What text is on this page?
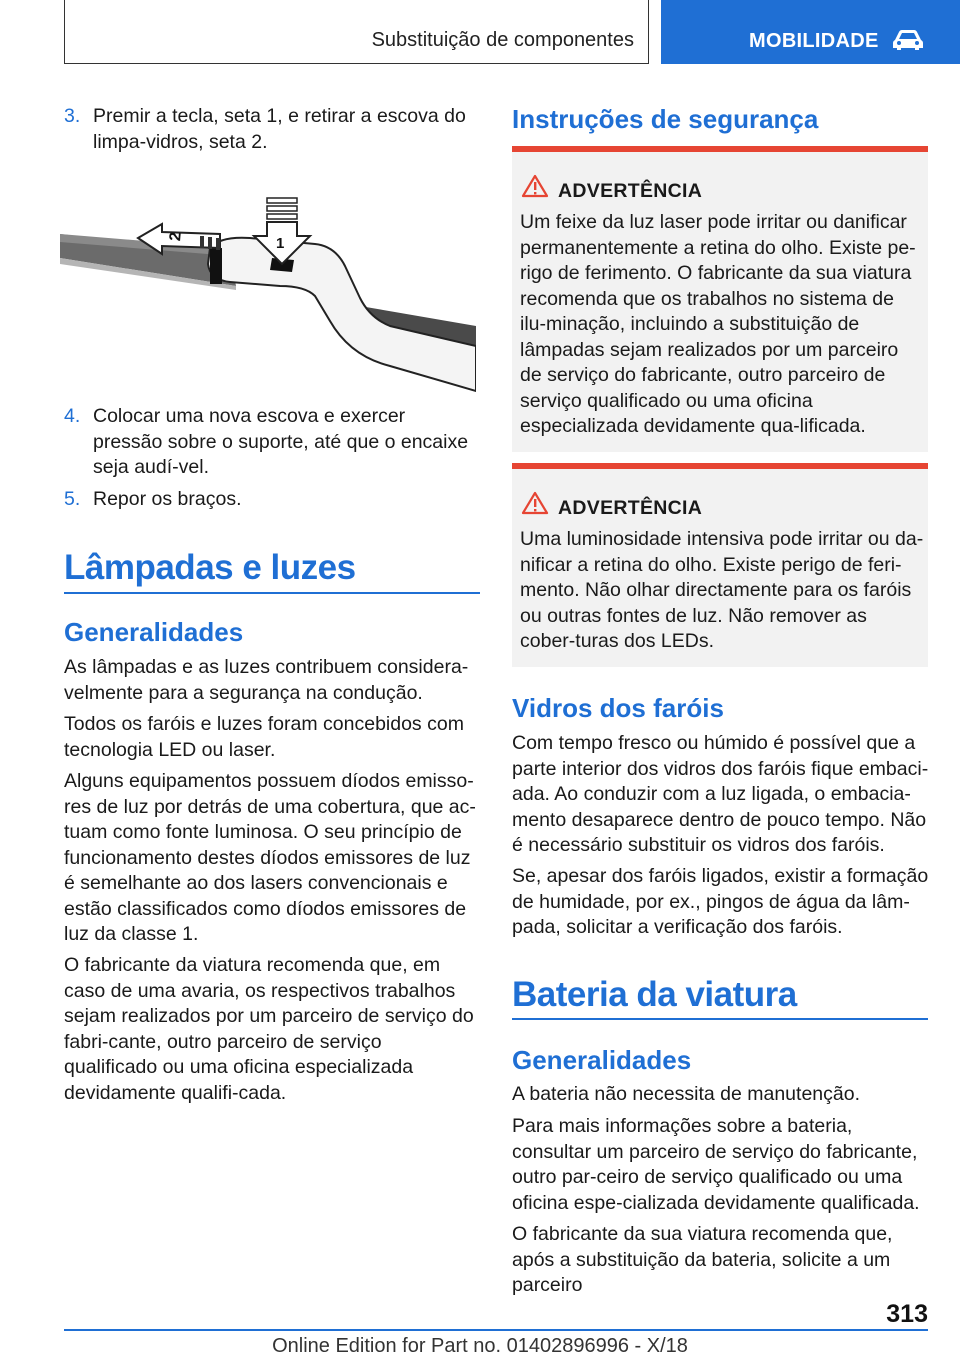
Substituição de componentes	MOBILIDADE
3. Premir a tecla, seta 1, e retirar a escova do limpa-vidros, seta 2.
2	1
4. Colocar uma nova escova e exercer pressão sobre o suporte, até que o encaixe seja audí-vel.
5. Repor os braços.
Lâmpadas e luzes
Generalidades

As lâmpadas e as luzes contribuem considera-velmente para a segurança na condução.

Todos os faróis e luzes foram concebidos com tecnologia LED ou laser.

Alguns equipamentos possuem díodos emisso-res de luz por detrás de uma cobertura, que ac-tuam como fonte luminosa. O seu princípio de funcionamento destes díodos emissores de luz é semelhante ao dos lasers convencionais e estão classificados como díodos emissores de luz da classe 1.

O fabricante da viatura recomenda que, em caso de uma avaria, os respectivos trabalhos sejam realizados por um parceiro de serviço do fabri-cante, outro parceiro de serviço qualificado ou uma oficina especializada devidamente qualifi-cada.

Instruções de segurança
ADVERTÊNCIA
Um feixe da luz laser pode irritar ou danificar permanentemente a retina do olho. Existe pe-rigo de ferimento. O fabricante da sua viatura recomenda que os trabalhos no sistema de ilu-minação, incluindo a substituição de lâmpadas sejam realizados por um parceiro de serviço do fabricante, outro parceiro de serviço qualificado ou uma oficina especializada devidamente qua-lificada.
ADVERTÊNCIA
Uma luminosidade intensiva pode irritar ou da-nificar a retina do olho. Existe perigo de feri-mento. Não olhar directamente para os faróis ou outras fontes de luz. Não remover as cober-turas dos LEDs.
Vidros dos faróis

Com tempo fresco ou húmido é possível que a parte interior dos vidros dos faróis fique embaci-ada. Ao conduzir com a luz ligada, o embacia-mento desaparece dentro de pouco tempo. Não é necessário substituir os vidros dos faróis.

Se, apesar dos faróis ligados, existir a formação de humidade, por ex., pingos de água da lâm-pada, solicitar a verificação dos faróis.

Bateria da viatura
Generalidades

A bateria não necessita de manutenção.

Para mais informações sobre a bateria, consultar um parceiro de serviço do fabricante, outro par-ceiro de serviço qualificado ou uma oficina espe-cializada devidamente qualificada.

O fabricante da sua viatura recomenda que, após a substituição da bateria, solicite a um parceiro

313
Online Edition for Part no. 01402896996 - X/18
